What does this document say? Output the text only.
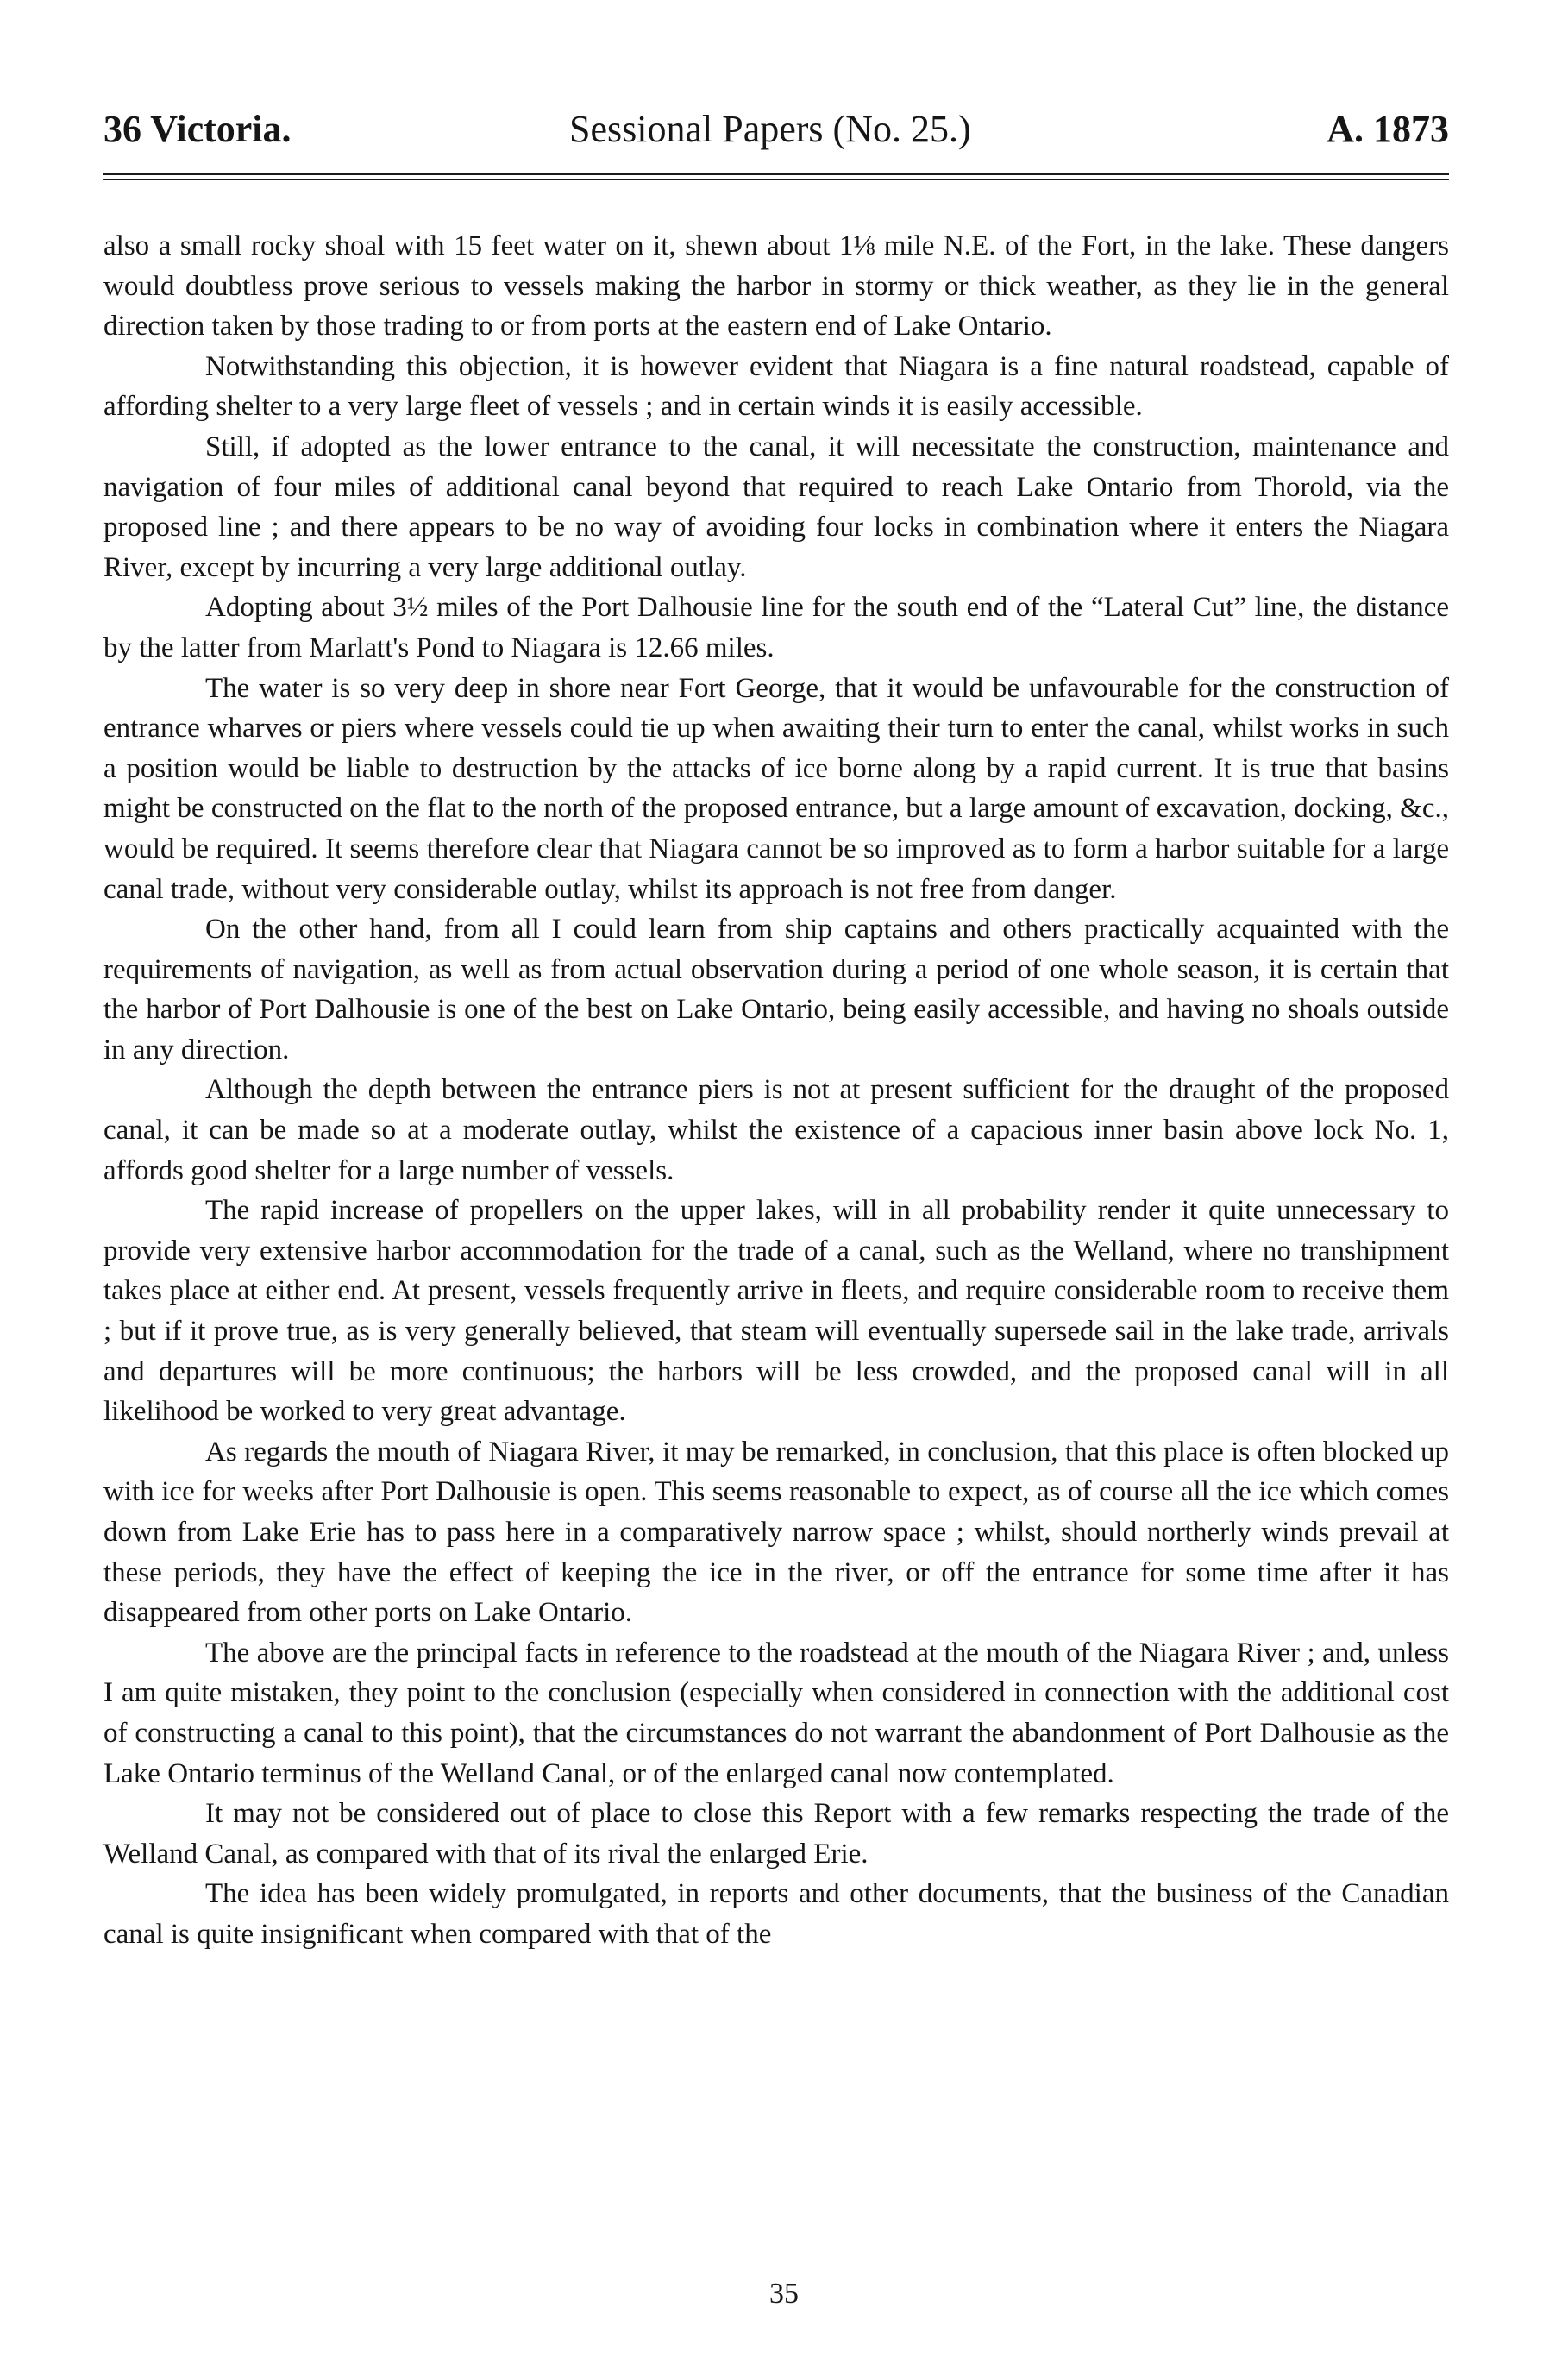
36 Victoria.	Sessional Papers (No. 25.)	A. 1873

also a small rocky shoal with 15 feet water on it, shewn about 1⅛ mile N.E. of the Fort, in the lake. These dangers would doubtless prove serious to vessels making the harbor in stormy or thick weather, as they lie in the general direction taken by those trading to or from ports at the eastern end of Lake Ontario.

Notwithstanding this objection, it is however evident that Niagara is a fine natural roadstead, capable of affording shelter to a very large fleet of vessels ; and in certain winds it is easily accessible.

Still, if adopted as the lower entrance to the canal, it will necessitate the construction, maintenance and navigation of four miles of additional canal beyond that required to reach Lake Ontario from Thorold, via the proposed line ; and there appears to be no way of avoiding four locks in combination where it enters the Niagara River, except by incurring a very large additional outlay.

Adopting about 3½ miles of the Port Dalhousie line for the south end of the “Lateral Cut” line, the distance by the latter from Marlatt's Pond to Niagara is 12.66 miles.

The water is so very deep in shore near Fort George, that it would be unfavourable for the construction of entrance wharves or piers where vessels could tie up when awaiting their turn to enter the canal, whilst works in such a position would be liable to destruction by the attacks of ice borne along by a rapid current. It is true that basins might be constructed on the flat to the north of the proposed entrance, but a large amount of excavation, docking, &c., would be required. It seems therefore clear that Niagara cannot be so improved as to form a harbor suitable for a large canal trade, without very considerable outlay, whilst its approach is not free from danger.

On the other hand, from all I could learn from ship captains and others practically acquainted with the requirements of navigation, as well as from actual observation during a period of one whole season, it is certain that the harbor of Port Dalhousie is one of the best on Lake Ontario, being easily accessible, and having no shoals outside in any direction.

Although the depth between the entrance piers is not at present sufficient for the draught of the proposed canal, it can be made so at a moderate outlay, whilst the existence of a capacious inner basin above lock No. 1, affords good shelter for a large number of vessels.

The rapid increase of propellers on the upper lakes, will in all probability render it quite unnecessary to provide very extensive harbor accommodation for the trade of a canal, such as the Welland, where no transhipment takes place at either end. At present, vessels frequently arrive in fleets, and require considerable room to receive them ; but if it prove true, as is very generally believed, that steam will eventually supersede sail in the lake trade, arrivals and departures will be more continuous; the harbors will be less crowded, and the proposed canal will in all likelihood be worked to very great advantage.

As regards the mouth of Niagara River, it may be remarked, in conclusion, that this place is often blocked up with ice for weeks after Port Dalhousie is open. This seems reasonable to expect, as of course all the ice which comes down from Lake Erie has to pass here in a comparatively narrow space ; whilst, should northerly winds prevail at these periods, they have the effect of keeping the ice in the river, or off the entrance for some time after it has disappeared from other ports on Lake Ontario.

The above are the principal facts in reference to the roadstead at the mouth of the Niagara River ; and, unless I am quite mistaken, they point to the conclusion (especially when considered in connection with the additional cost of constructing a canal to this point), that the circumstances do not warrant the abandonment of Port Dalhousie as the Lake Ontario terminus of the Welland Canal, or of the enlarged canal now contemplated.

It may not be considered out of place to close this Report with a few remarks respecting the trade of the Welland Canal, as compared with that of its rival the enlarged Erie.

The idea has been widely promulgated, in reports and other documents, that the business of the Canadian canal is quite insignificant when compared with that of the

35
